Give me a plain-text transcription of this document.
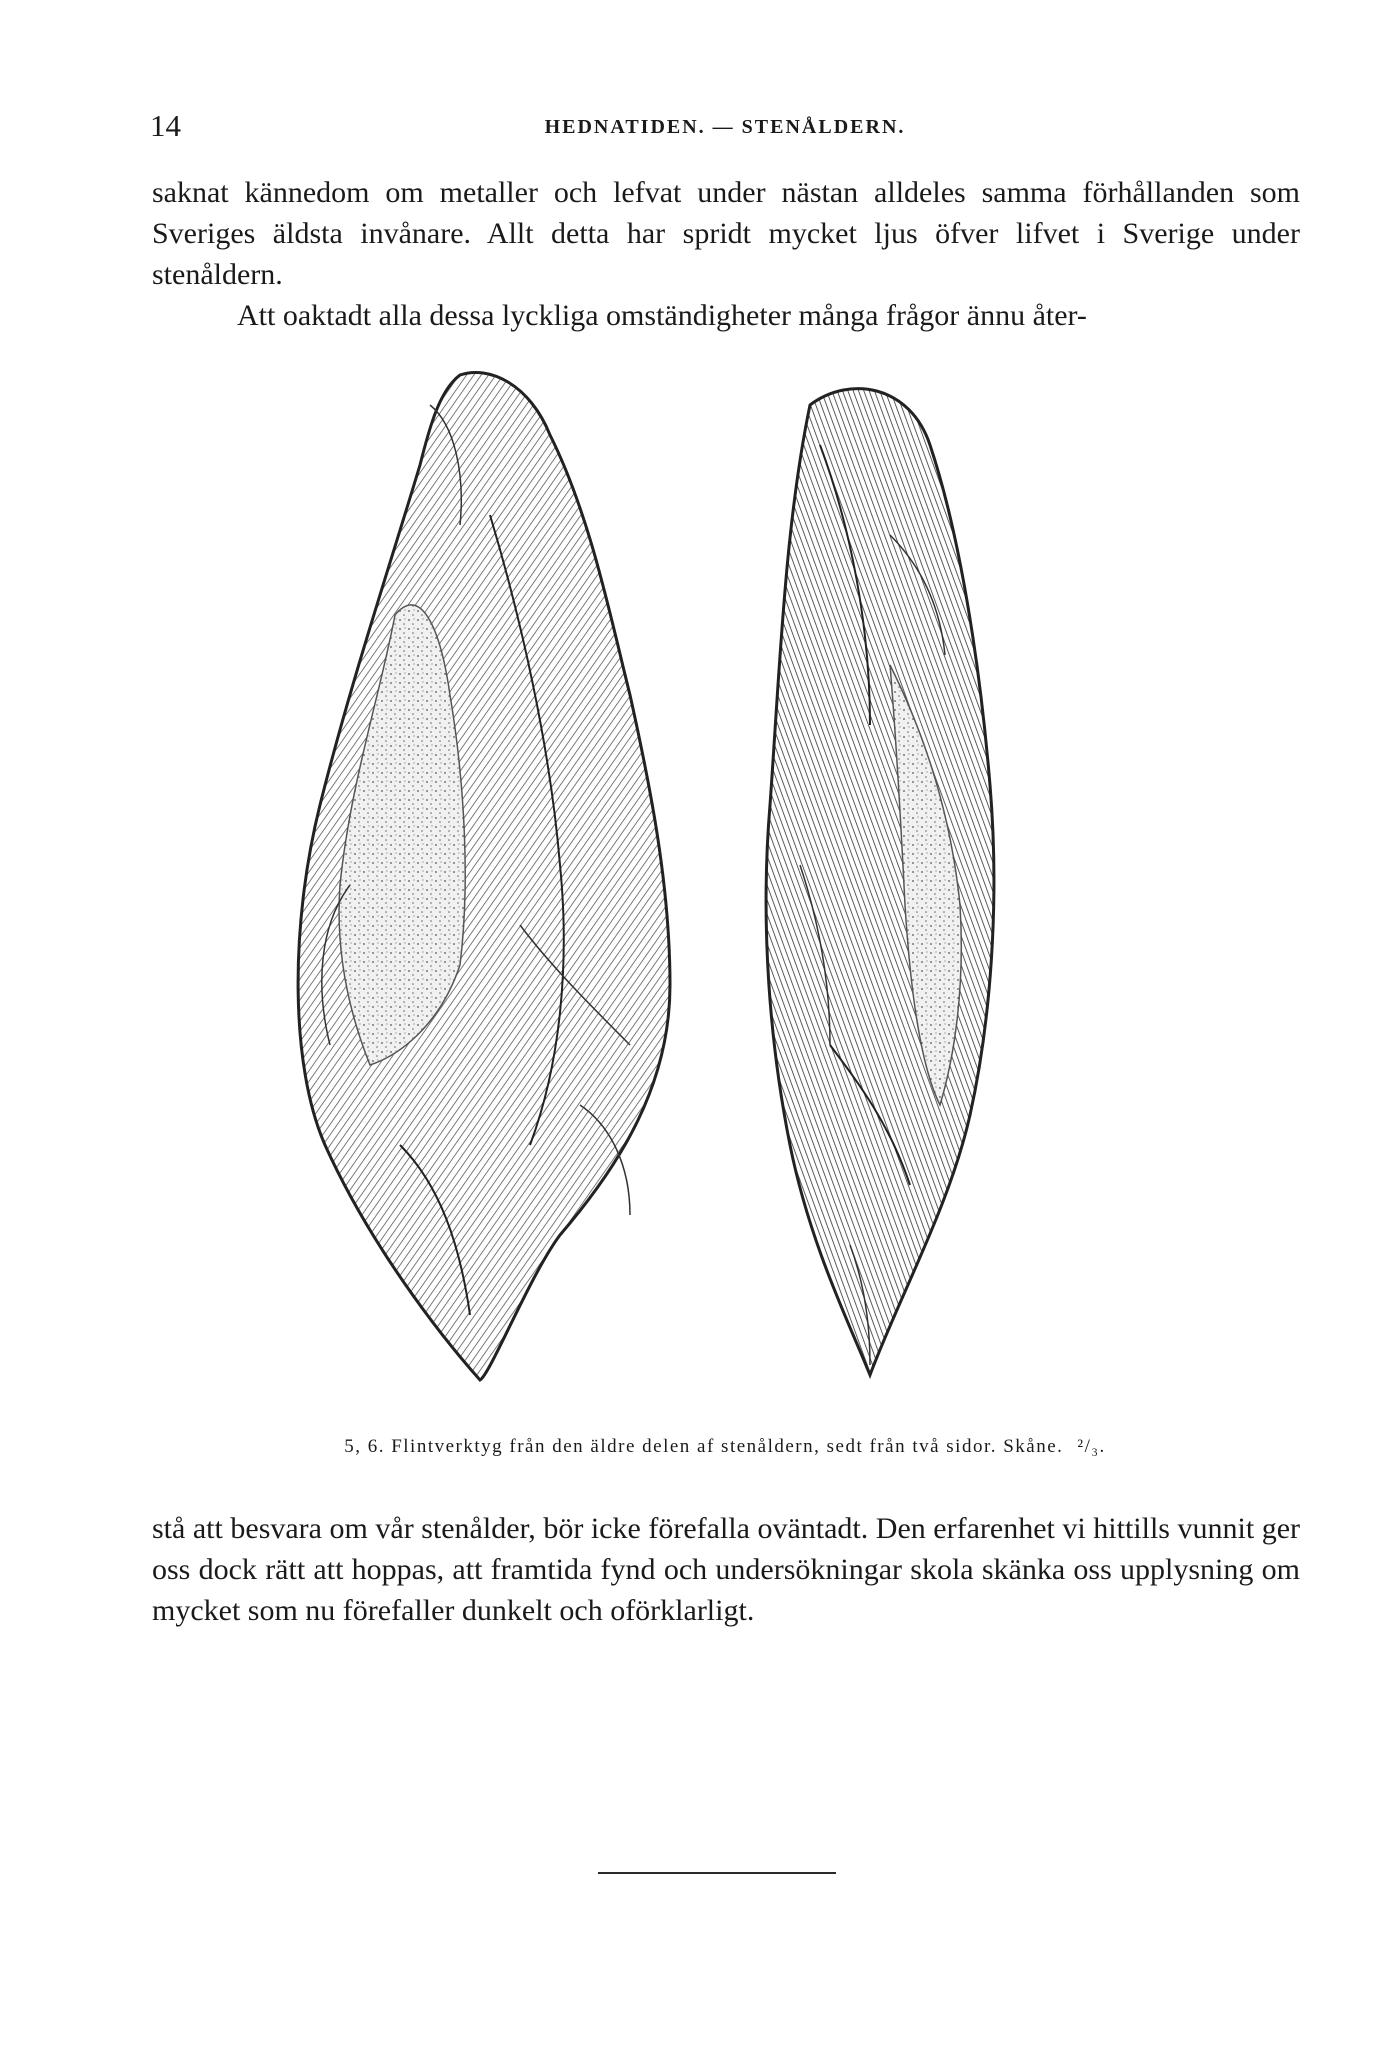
14	HEDNATIDEN. — STENÅLDERN.

saknat kännedom om metaller och lefvat under nästan alldeles samma förhållanden som Sveriges äldsta invånare. Allt detta har spridt mycket ljus öfver lifvet i Sverige under stenåldern.

Att oaktadt alla dessa lyckliga omständigheter många frågor ännu åter-

5, 6. Flintverktyg från den äldre delen af stenåldern, sedt från två sidor. Skåne. ²/₃.

stå att besvara om vår stenålder, bör icke förefalla oväntadt. Den erfarenhet vi hittills vunnit ger oss dock rätt att hoppas, att framtida fynd och undersökningar skola skänka oss upplysning om mycket som nu förefaller dunkelt och oförklarligt.
